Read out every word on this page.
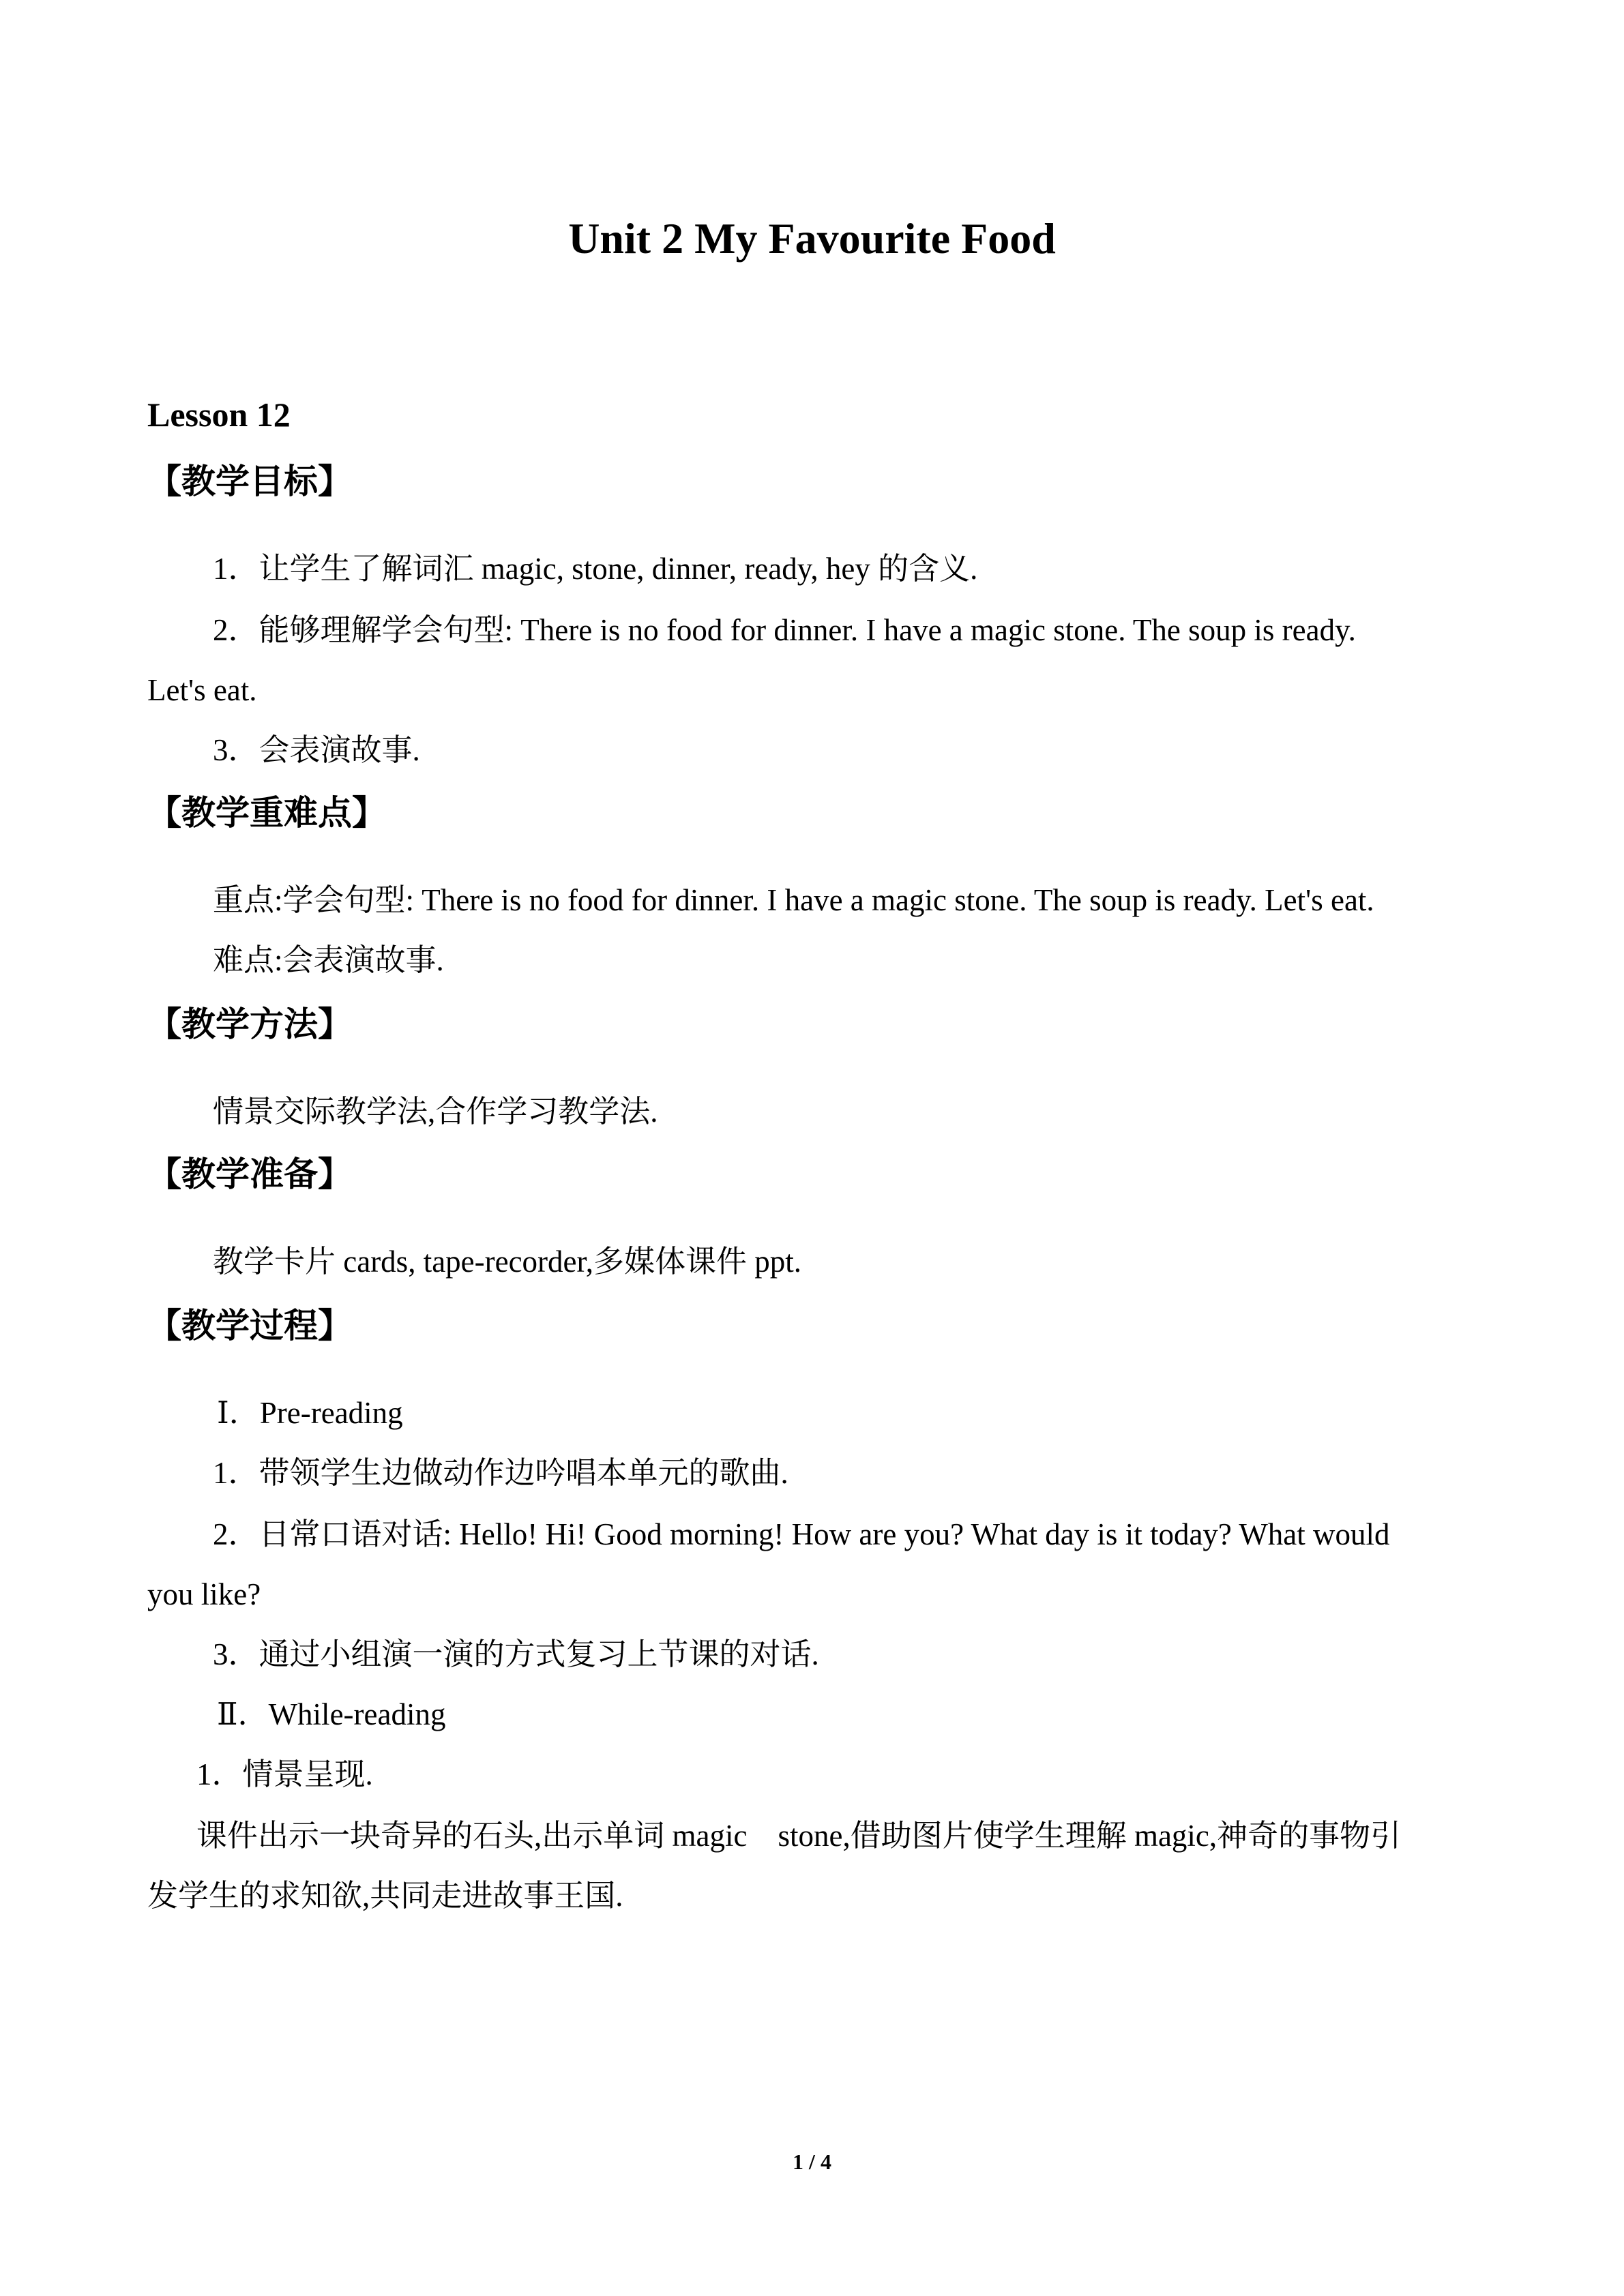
Unit 2 My Favourite Food
Lesson 12
【教学目标】
1．让学生了解词汇 magic, stone, dinner, ready, hey 的含义.
2．能够理解学会句型: There is no food for dinner. I have a magic stone. The soup is ready.
Let's eat.
3．会表演故事.
【教学重难点】
重点:学会句型: There is no food for dinner. I have a magic stone. The soup is ready. Let's eat.
难点:会表演故事.
【教学方法】
情景交际教学法,合作学习教学法.
【教学准备】
教学卡片 cards, tape-recorder,多媒体课件 ppt.
【教学过程】
Ⅰ．Pre-reading
1．带领学生边做动作边吟唱本单元的歌曲.
2．日常口语对话: Hello! Hi! Good morning! How are you? What day is it today? What would
you like?
3．通过小组演一演的方式复习上节课的对话.
Ⅱ．While-reading
1．情景呈现.
课件出示一块奇异的石头,出示单词 magic　stone,借助图片使学生理解 magic,神奇的事物引
发学生的求知欲,共同走进故事王国.
1 / 4
